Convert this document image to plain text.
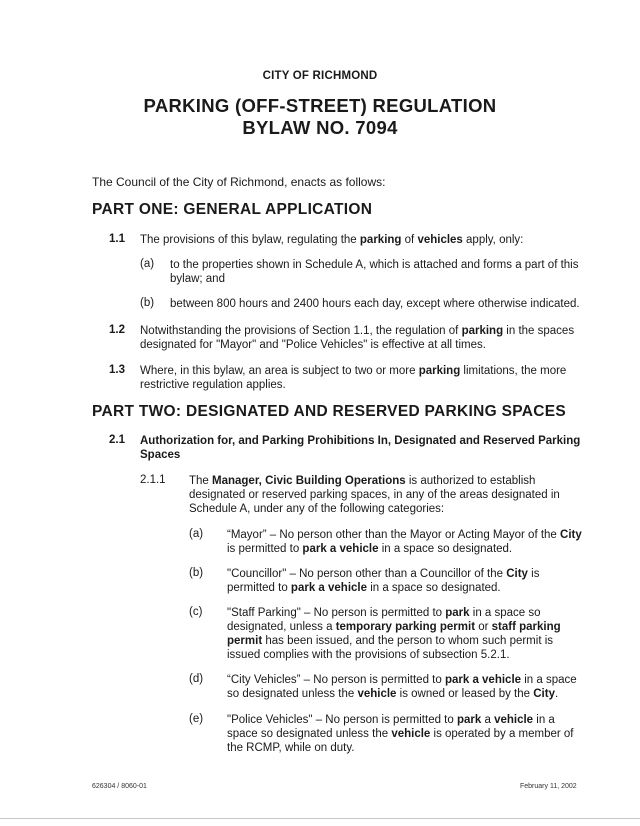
CITY OF RICHMOND
PARKING (OFF-STREET) REGULATION
BYLAW NO. 7094
The Council of the City of Richmond, enacts as follows:
PART ONE: GENERAL APPLICATION
1.1 The provisions of this bylaw, regulating the parking of vehicles apply, only:
(a) to the properties shown in Schedule A, which is attached and forms a part of this
bylaw; and
(b) between 800 hours and 2400 hours each day, except where otherwise indicated.
1.2 Notwithstanding the provisions of Section 1.1, the regulation of parking in the spaces
designated for "Mayor" and "Police Vehicles" is effective at all times.
1.3 Where, in this bylaw, an area is subject to two or more parking limitations, the more
restrictive regulation applies.
PART TWO: DESIGNATED AND RESERVED PARKING SPACES
2.1 Authorization for, and Parking Prohibitions In, Designated and Reserved Parking
Spaces
2.1.1 The Manager, Civic Building Operations is authorized to establish
designated or reserved parking spaces, in any of the areas designated in
Schedule A, under any of the following categories:
(a) “Mayor” – No person other than the Mayor or Acting Mayor of the City
is permitted to park a vehicle in a space so designated.
(b) "Councillor" – No person other than a Councillor of the City is
permitted to park a vehicle in a space so designated.
(c) "Staff Parking" – No person is permitted to park in a space so
designated, unless a temporary parking permit or staff parking
permit has been issued, and the person to whom such permit is
issued complies with the provisions of subsection 5.2.1.
(d) “City Vehicles” – No person is permitted to park a vehicle in a space
so designated unless the vehicle is owned or leased by the City.
(e) "Police Vehicles" – No person is permitted to park a vehicle in a
space so designated unless the vehicle is operated by a member of
the RCMP, while on duty.
626304 / 8060-01	February 11, 2002
